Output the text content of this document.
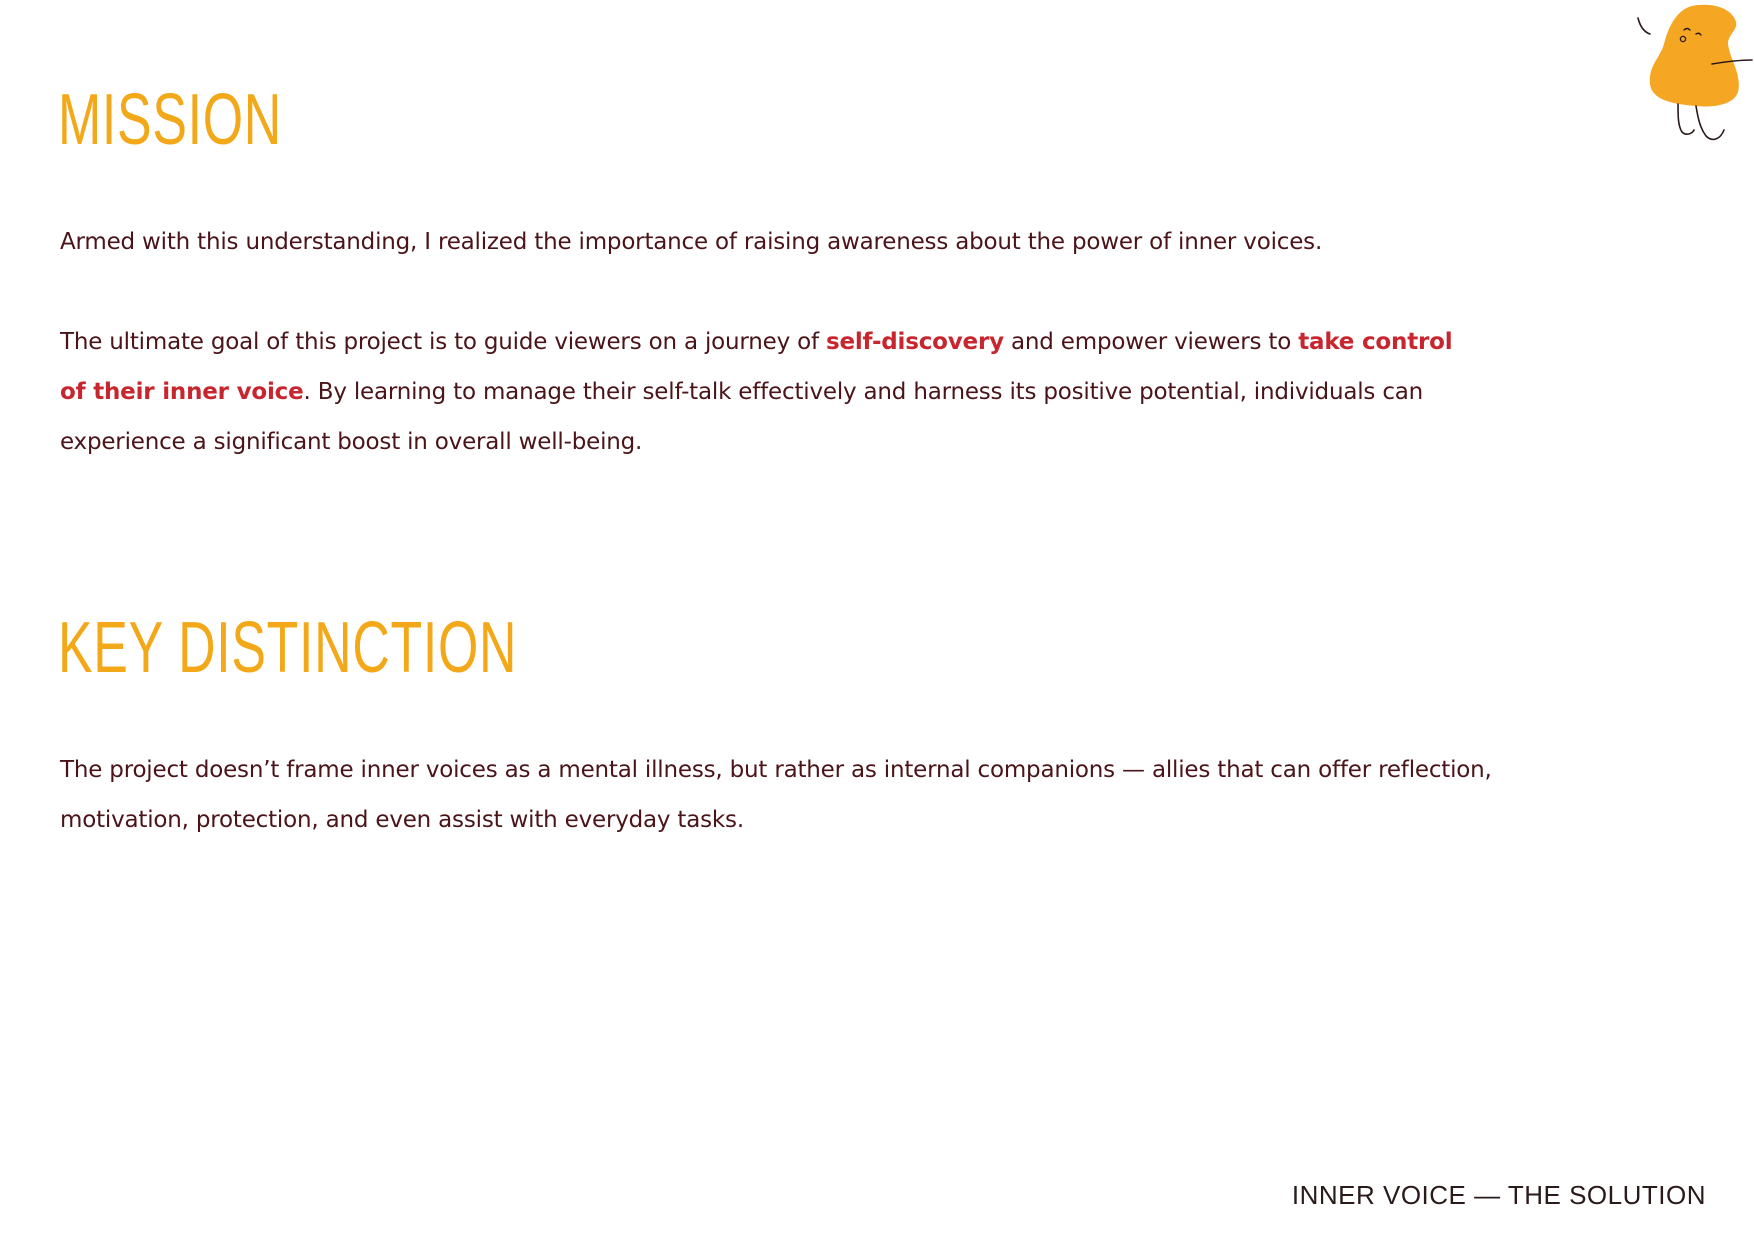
MISSION

Armed with this understanding, I realized the importance of raising awareness about the power of inner voices.

The ultimate goal of this project is to guide viewers on a journey of self-discovery and empower viewers to take control of their inner voice. By learning to manage their self-talk effectively and harness its positive potential, individuals can experience a significant boost in overall well-being.

KEY DISTINCTION

The project doesn’t frame inner voices as a mental illness, but rather as internal companions — allies that can offer reflection, motivation, protection, and even assist with everyday tasks.

INNER VOICE — THE SOLUTION
